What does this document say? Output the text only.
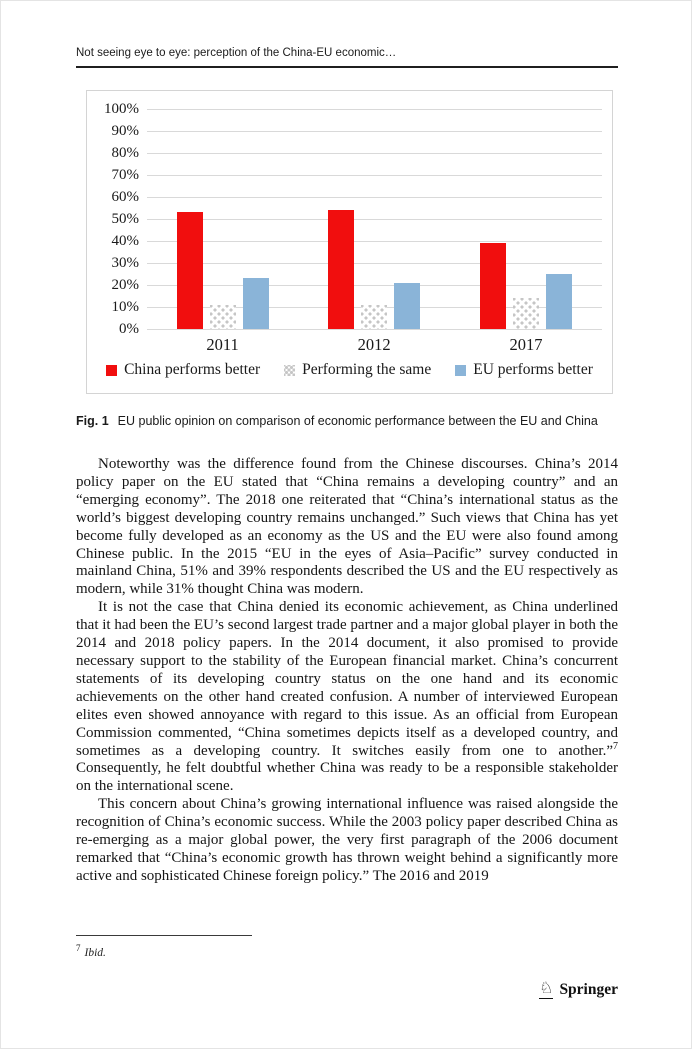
Not seeing eye to eye: perception of the China-EU economic…
0%
10%
20%
30%
40%
50%
60%
70%
80%
90%
100%
2011	2012	2017
China performs better	Performing the same	EU performs better
Fig. 1 EU public opinion on comparison of economic performance between the EU and China

Noteworthy was the difference found from the Chinese discourses. China’s 2014 policy paper on the EU stated that “China remains a developing country” and an “emerging economy”. The 2018 one reiterated that “China’s international status as the world’s biggest developing country remains unchanged.” Such views that China has yet become fully developed as an economy as the US and the EU were also found among Chinese public. In the 2015 “EU in the eyes of Asia–Pacific” survey conducted in mainland China, 51% and 39% respondents described the US and the EU respectively as modern, while 31% thought China was modern.

It is not the case that China denied its economic achievement, as China underlined that it had been the EU’s second largest trade partner and a major global player in both the 2014 and 2018 policy papers. In the 2014 document, it also promised to provide necessary support to the stability of the European financial market. China’s concurrent statements of its developing country status on the one hand and its economic achievements on the other hand created confusion. A number of interviewed European elites even showed annoyance with regard to this issue. As an official from European Commission commented, “China sometimes depicts itself as a developed country, and sometimes as a developing country. It switches easily from one to another.”$^7$ Consequently, he felt doubtful whether China was ready to be a responsible stakeholder on the international scene.

This concern about China’s growing international influence was raised alongside the recognition of China’s economic success. While the 2003 policy paper described China as re-emerging as a major global power, the very first paragraph of the 2006 document remarked that “China’s economic growth has thrown weight behind a significantly more active and sophisticated Chinese foreign policy.” The 2016 and 2019

$^7$ Ibid.
♘ Springer
